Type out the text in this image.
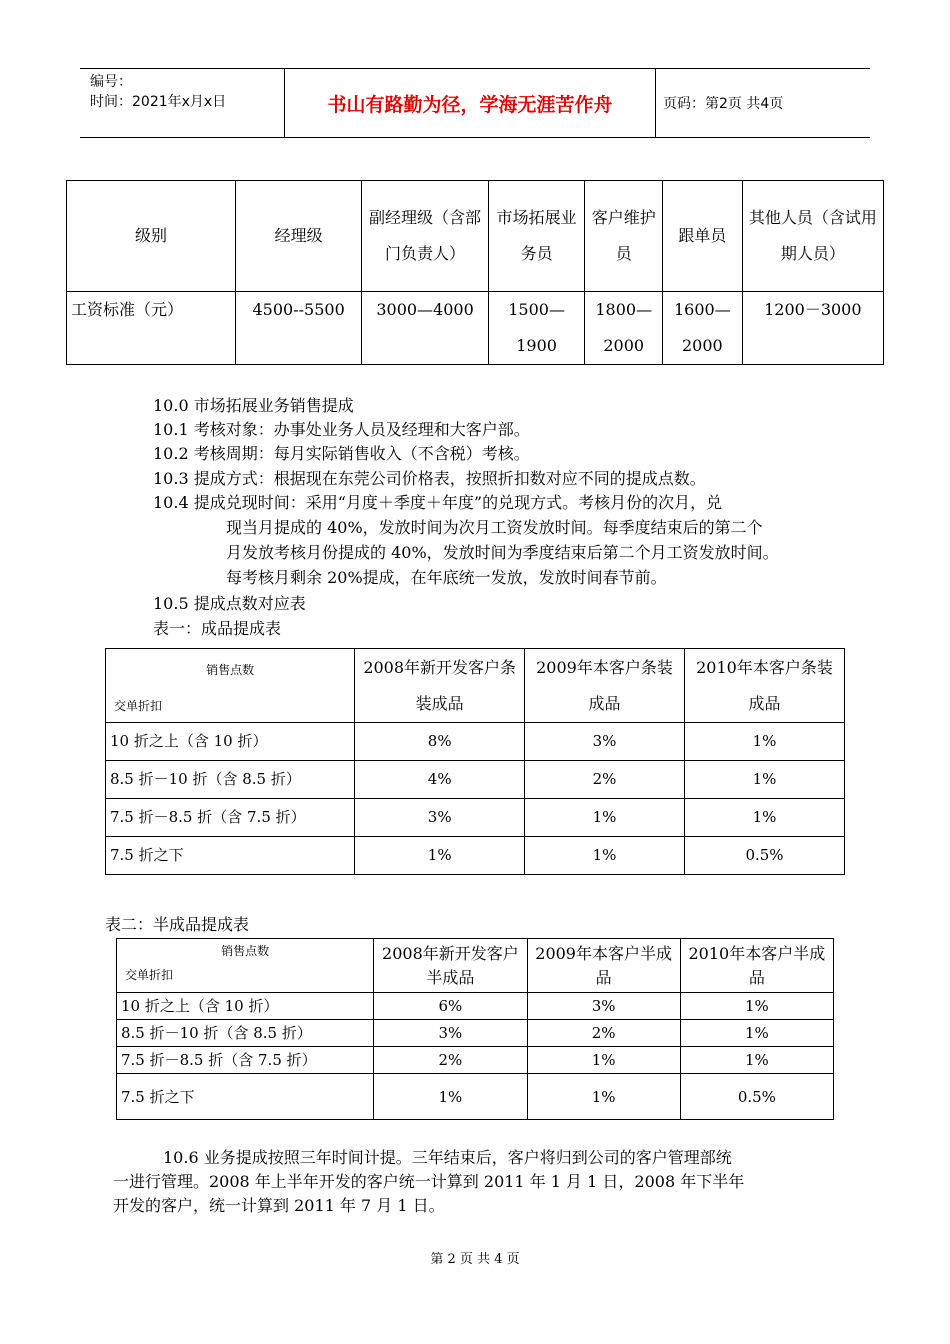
编号：
时间：2021年x月x日	书山有路勤为径，学海无涯苦作舟	页码：第2页 共4页
级别	经理级	副经理级（含部门负责人）	市场拓展业务员	客户维护员	跟单员	其他人员（含试用期人员）
工资标准（元）	4500--5500	3000—4000	1500—1900	1800—2000	1600—2000	1200－3000
10.0 市场拓展业务销售提成
10.1 考核对象：办事处业务人员及经理和大客户部。
10.2 考核周期：每月实际销售收入（不含税）考核。
10.3 提成方式：根据现在东莞公司价格表，按照折扣数对应不同的提成点数。
10.4 提成兑现时间：采用“月度＋季度＋年度”的兑现方式。考核月份的次月，兑
现当月提成的 40%，发放时间为次月工资发放时间。每季度结束后的第二个
月发放考核月份提成的 40%，发放时间为季度结束后第二个月工资发放时间。
每考核月剩余 20%提成，在年底统一发放，发放时间春节前。
10.5 提成点数对应表
表一：成品提成表
销售点数
交单折扣	2008年新开发客户条装成品	2009年本客户条装成品	2010年本客户条装成品
10 折之上（含 10 折）	8%	3%	1%
8.5 折－10 折（含 8.5 折）	4%	2%	1%
7.5 折－8.5 折（含 7.5 折）	3%	1%	1%
7.5 折之下	1%	1%	0.5%
表二：半成品提成表
销售点数
交单折扣	2008年新开发客户半成品	2009年本客户半成品	2010年本客户半成品
10 折之上（含 10 折）	6%	3%	1%
8.5 折－10 折（含 8.5 折）	3%	2%	1%
7.5 折－8.5 折（含 7.5 折）	2%	1%	1%
7.5 折之下	1%	1%	0.5%
10.6 业务提成按照三年时间计提。三年结束后，客户将归到公司的客户管理部统
一进行管理。2008 年上半年开发的客户统一计算到 2011 年 1 月 1 日，2008 年下半年
开发的客户，统一计算到 2011 年 7 月 1 日。
第 2 页 共 4 页
